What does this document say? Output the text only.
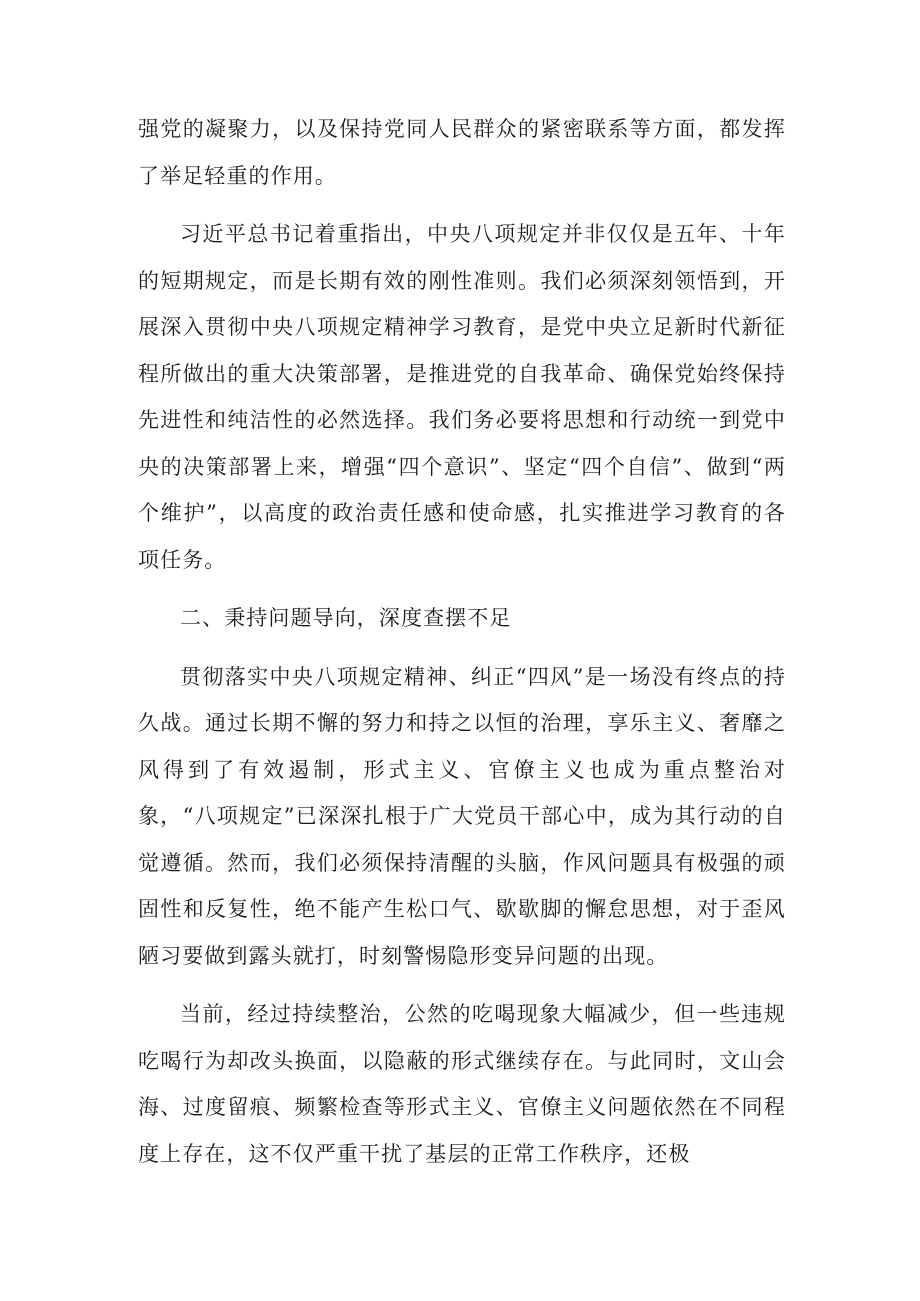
强党的凝聚力，以及保持党同人民群众的紧密联系等方面，都发挥了举足轻重的作用。

习近平总书记着重指出，中央八项规定并非仅仅是五年、十年的短期规定，而是长期有效的刚性准则。我们必须深刻领悟到，开展深入贯彻中央八项规定精神学习教育，是党中央立足新时代新征程所做出的重大决策部署，是推进党的自我革命、确保党始终保持先进性和纯洁性的必然选择。我们务必要将思想和行动统一到党中央的决策部署上来，增强“四个意识”、坚定“四个自信”、做到“两个维护”，以高度的政治责任感和使命感，扎实推进学习教育的各项任务。

二、秉持问题导向，深度查摆不足

贯彻落实中央八项规定精神、纠正“四风”是一场没有终点的持久战。通过长期不懈的努力和持之以恒的治理，享乐主义、奢靡之风得到了有效遏制，形式主义、官僚主义也成为重点整治对象，“八项规定”已深深扎根于广大党员干部心中，成为其行动的自觉遵循。然而，我们必须保持清醒的头脑，作风问题具有极强的顽固性和反复性，绝不能产生松口气、歇歇脚的懈怠思想，对于歪风陋习要做到露头就打，时刻警惕隐形变异问题的出现。

当前，经过持续整治，公然的吃喝现象大幅减少，但一些违规吃喝行为却改头换面，以隐蔽的形式继续存在。与此同时，文山会海、过度留痕、频繁检查等形式主义、官僚主义问题依然在不同程度上存在，这不仅严重干扰了基层的正常工作秩序，还极
